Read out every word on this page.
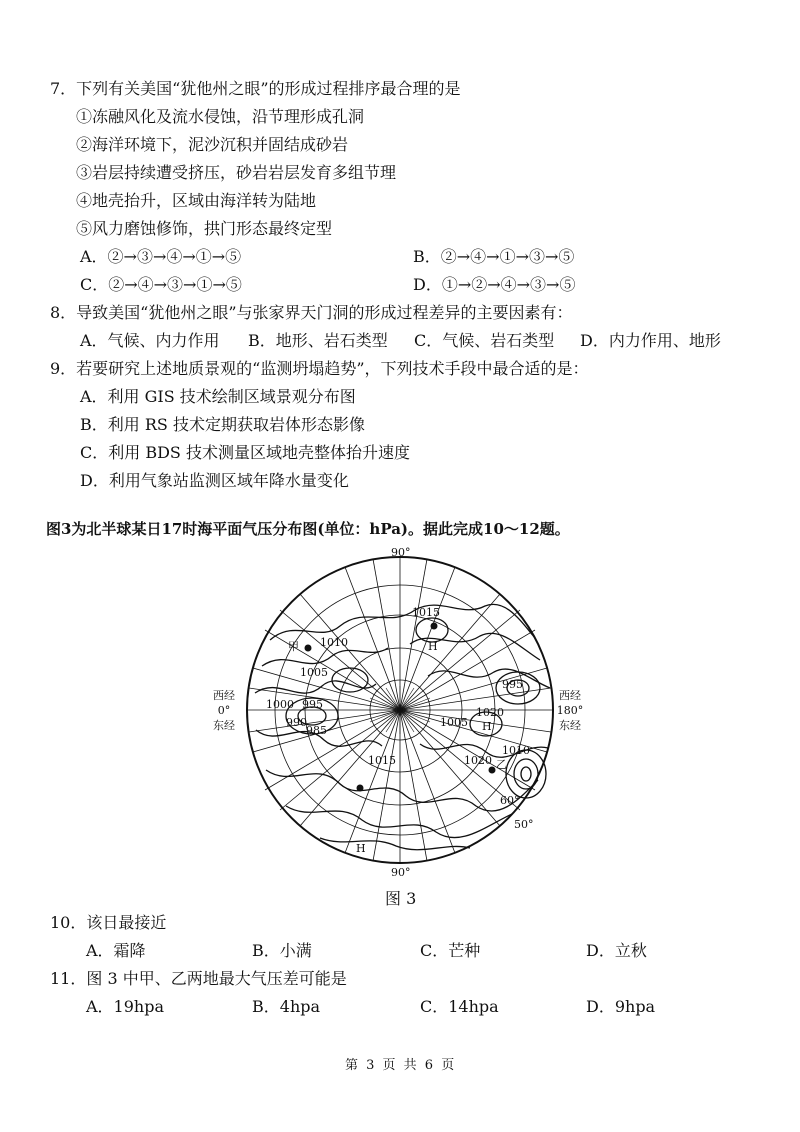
7．下列有关美国“犹他州之眼”的形成过程排序最合理的是
①冻融风化及流水侵蚀，沿节理形成孔洞
②海洋环境下，泥沙沉积并固结成砂岩
③岩层持续遭受挤压，砂岩岩层发育多组节理
④地壳抬升，区域由海洋转为陆地
⑤风力磨蚀修饰，拱门形态最终定型
A．②→③→④→①→⑤	B．②→④→①→③→⑤
C．②→④→③→①→⑤	D．①→②→④→③→⑤
8．导致美国“犹他州之眼”与张家界天门洞的形成过程差异的主要因素有：
A．气候、内力作用 B．地形、岩石类型 C．气候、岩石类型 D．内力作用、地形
9．若要研究上述地质景观的“监测坍塌趋势”，下列技术手段中最合适的是：
A．利用 GIS 技术绘制区域景观分布图
B．利用 RS 技术定期获取岩体形态影像
C．利用 BDS 技术测量区域地壳整体抬升速度
D．利用气象站监测区域年降水量变化
图3为北半球某日17时海平面气压分布图(单位：hPa)。据此完成10～12题。
90°
90°
西经
0°
东经
西经
180°
东经
60°
50°
甲
乙
H
H
H
1010
1015
1005
1000 995
990
985
1020
1005
1010
1020
1015
995
图 3
10．该日最接近
A．霜降	B．小满	C．芒种	D．立秋
11．图 3 中甲、乙两地最大气压差可能是
A．19hpa	B．4hpa	C．14hpa	D．9hpa
第 3 页 共 6 页
